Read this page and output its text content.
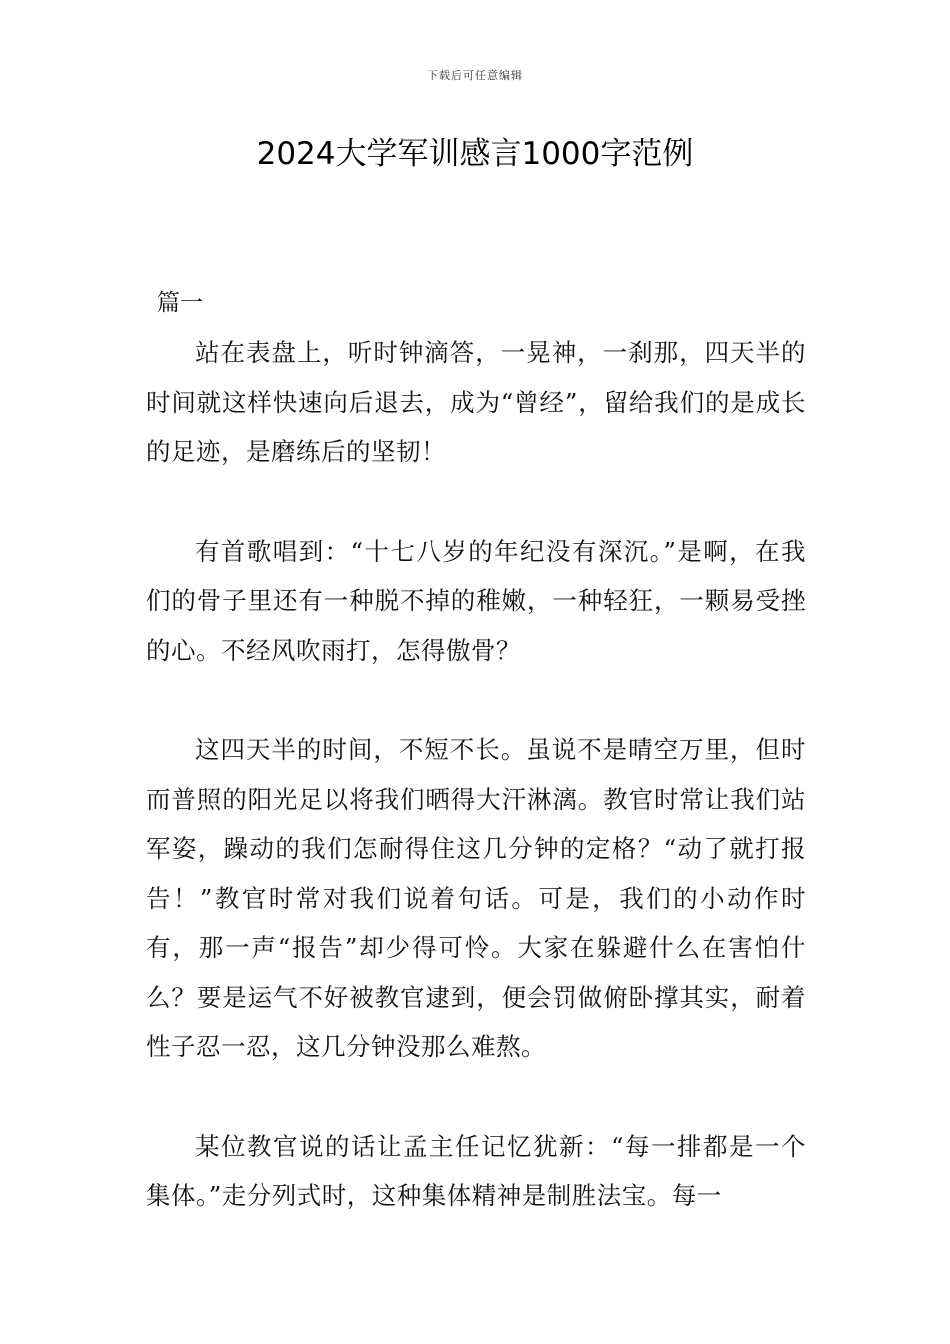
下载后可任意编辑
2024大学军训感言1000字范例
篇一

站在表盘上，听时钟滴答，一晃神，一刹那，四天半的时间就这样快速向后退去，成为“曾经”，留给我们的是成长的足迹，是磨练后的坚韧！

有首歌唱到：“十七八岁的年纪没有深沉。”是啊，在我们的骨子里还有一种脱不掉的稚嫩，一种轻狂，一颗易受挫的心。不经风吹雨打，怎得傲骨？

这四天半的时间，不短不长。虽说不是晴空万里，但时而普照的阳光足以将我们晒得大汗淋漓。教官时常让我们站军姿，躁动的我们怎耐得住这几分钟的定格？“动了就打报告！”教官时常对我们说着句话。可是，我们的小动作时有，那一声“报告”却少得可怜。大家在躲避什么在害怕什么？要是运气不好被教官逮到，便会罚做俯卧撑其实，耐着性子忍一忍，这几分钟没那么难熬。

某位教官说的话让孟主任记忆犹新：“每一排都是一个集体。”走分列式时，这种集体精神是制胜法宝。每一
